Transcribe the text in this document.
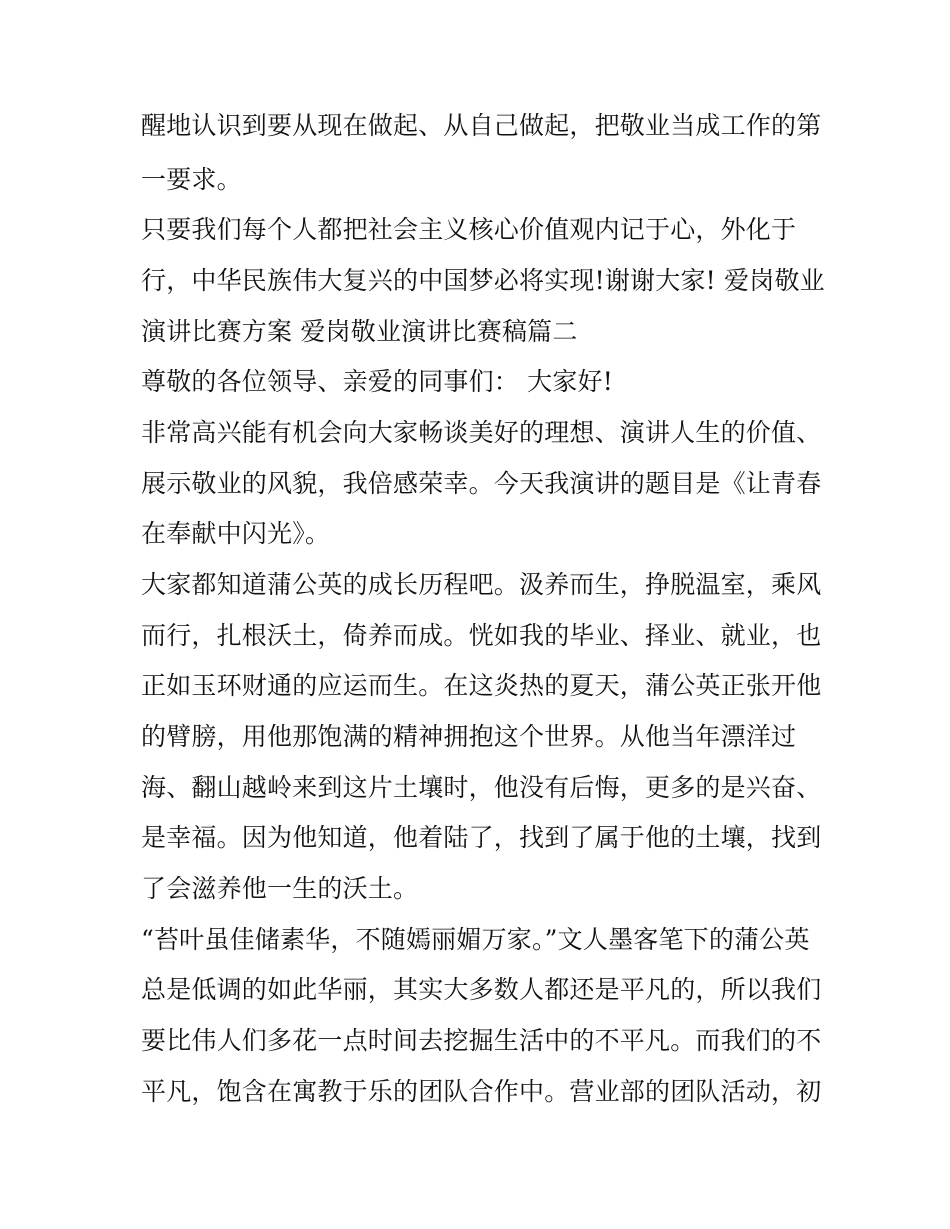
醒地认识到要从现在做起、从自己做起，把敬业当成工作的第
一要求。
只要我们每个人都把社会主义核心价值观内记于心，外化于
行，中华民族伟大复兴的中国梦必将实现!谢谢大家! 爱岗敬业
演讲比赛方案 爱岗敬业演讲比赛稿篇二
尊敬的各位领导、亲爱的同事们： 大家好!
非常高兴能有机会向大家畅谈美好的理想、演讲人生的价值、
展示敬业的风貌，我倍感荣幸。今天我演讲的题目是《让青春
在奉献中闪光》。
大家都知道蒲公英的成长历程吧。汲养而生，挣脱温室，乘风
而行，扎根沃土，倚养而成。恍如我的毕业、择业、就业，也
正如玉环财通的应运而生。在这炎热的夏天，蒲公英正张开他
的臂膀，用他那饱满的精神拥抱这个世界。从他当年漂洋过
海、翻山越岭来到这片土壤时，他没有后悔，更多的是兴奋、
是幸福。因为他知道，他着陆了，找到了属于他的土壤，找到
了会滋养他一生的沃土。
“苔叶虽佳储素华，不随嫣丽媚万家。”文人墨客笔下的蒲公英
总是低调的如此华丽，其实大多数人都还是平凡的，所以我们
要比伟人们多花一点时间去挖掘生活中的不平凡。而我们的不
平凡，饱含在寓教于乐的团队合作中。营业部的团队活动，初
